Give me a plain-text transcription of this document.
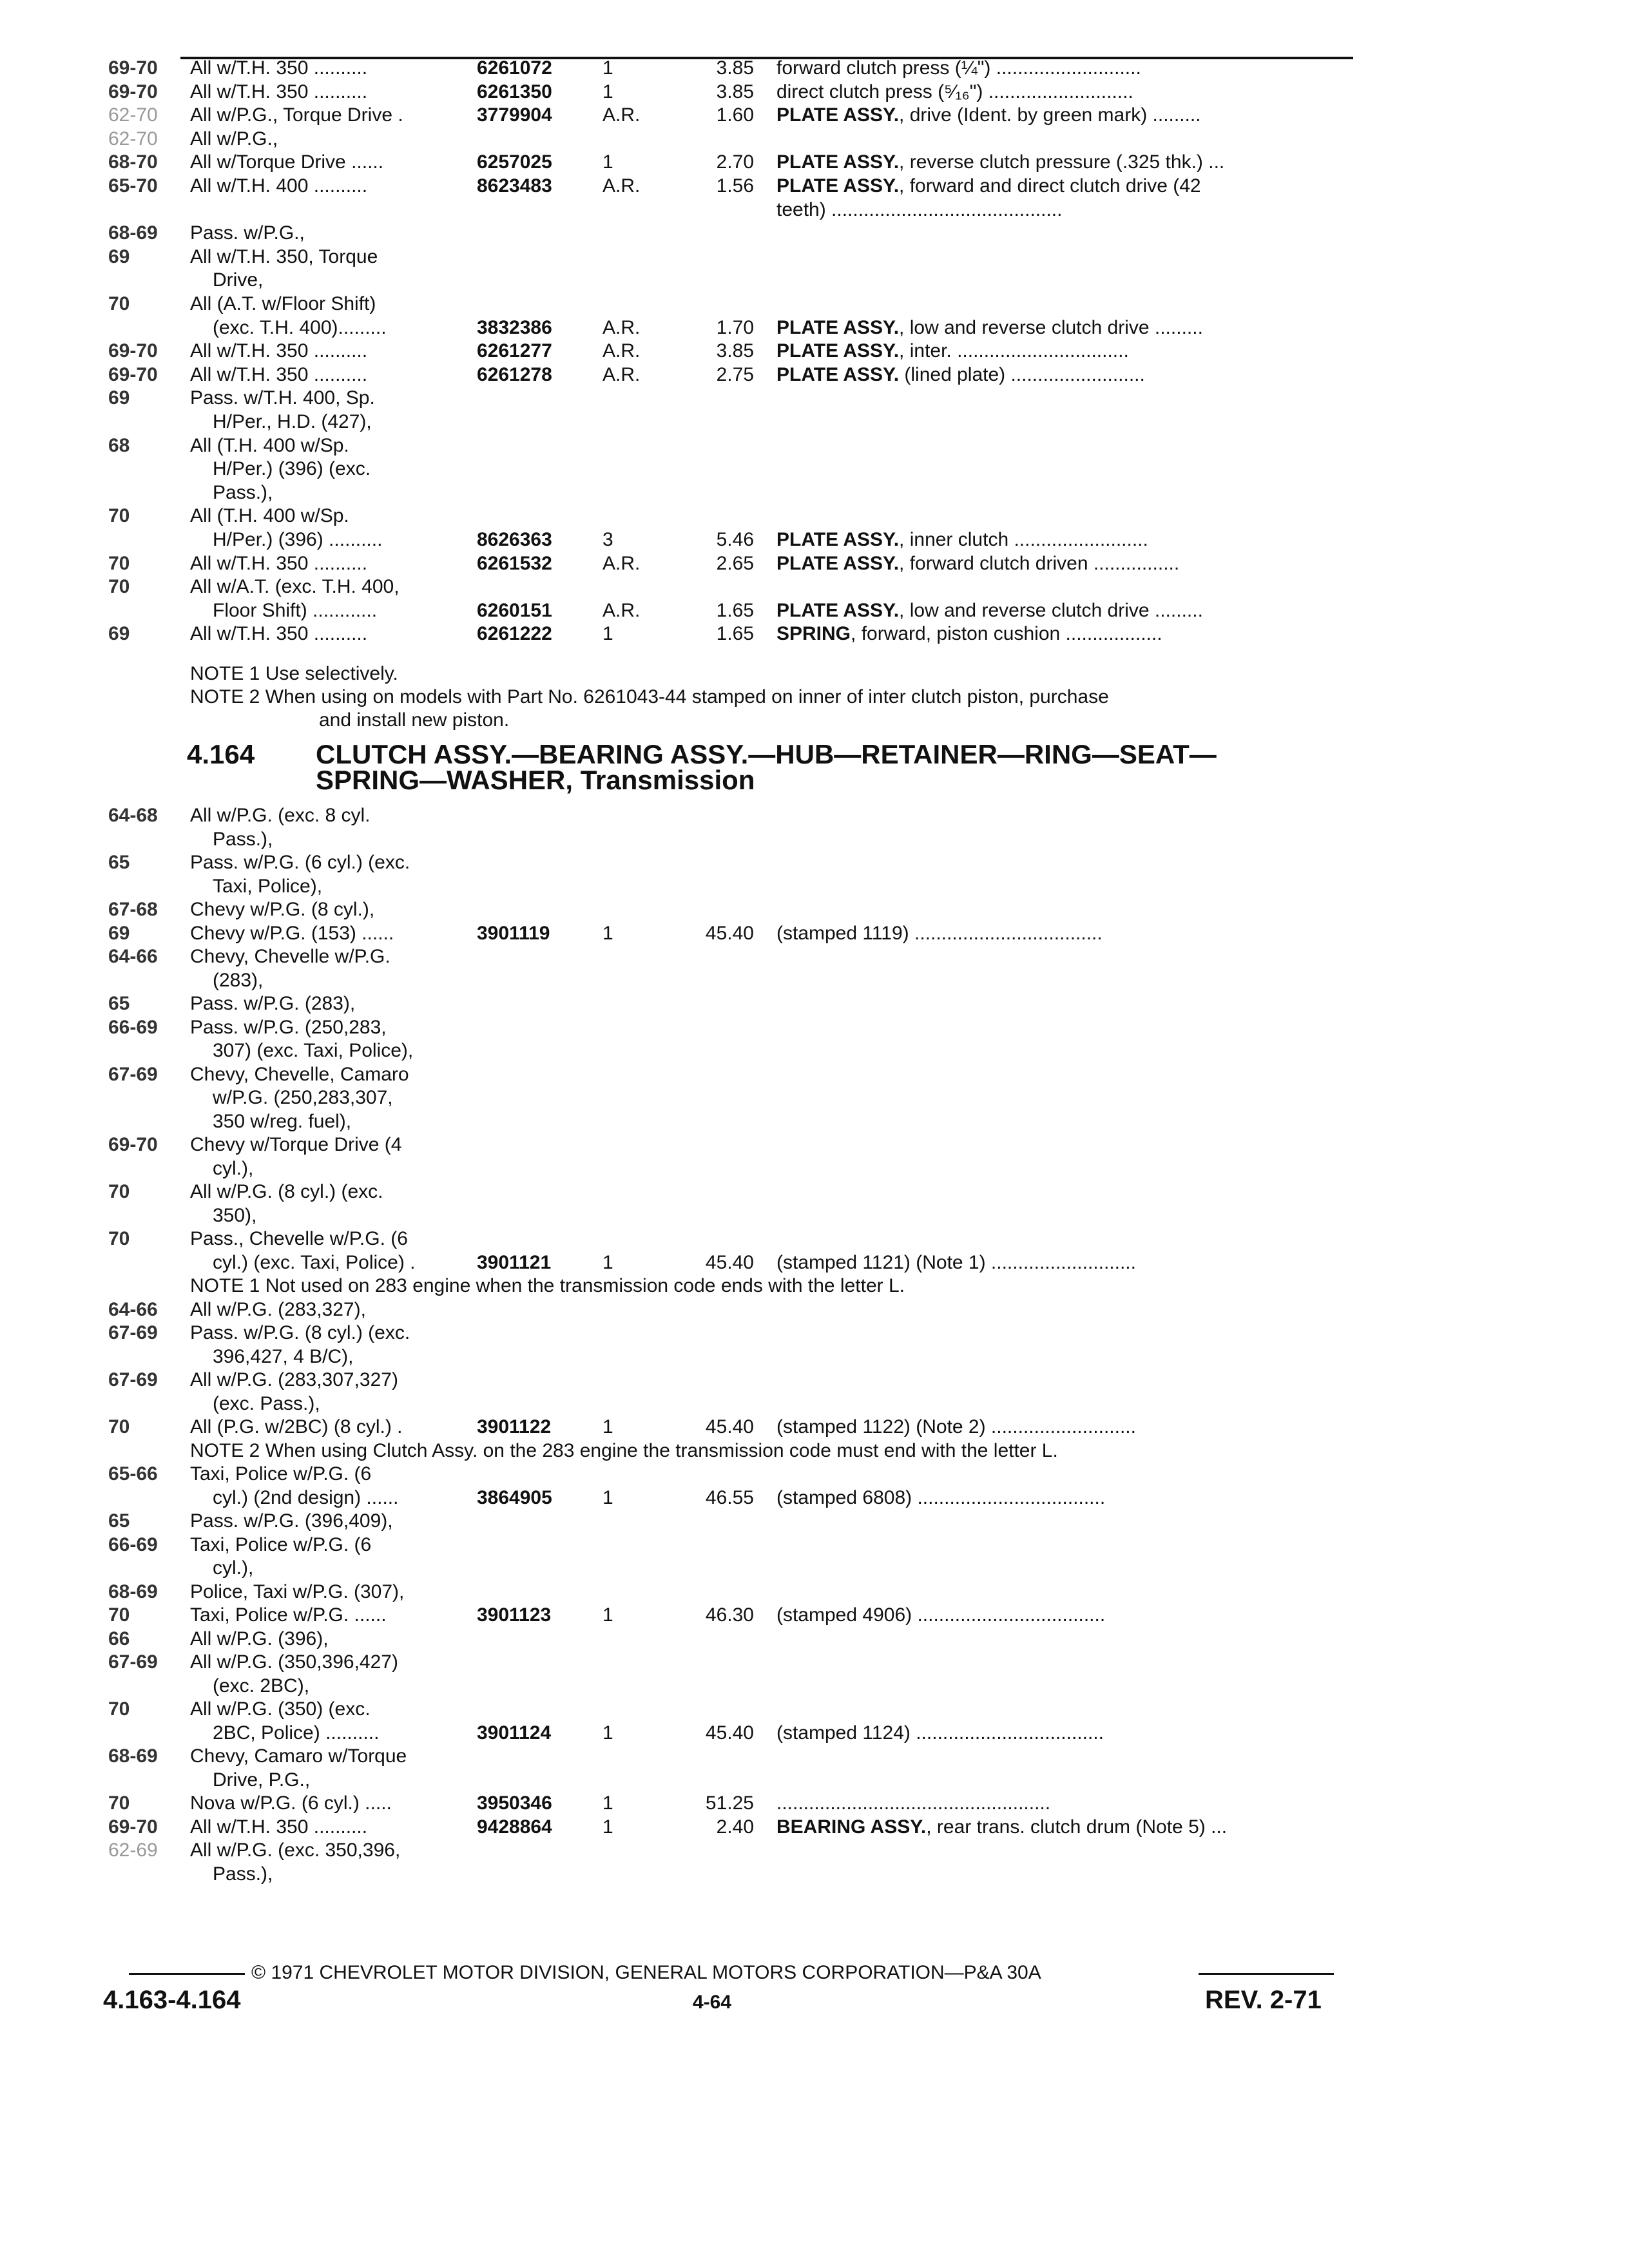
69-70	All w/T.H. 350 ..........	6261072	1	3.85 forward clutch press (¼") ...........................
69-70	All w/T.H. 350 ..........	6261350	1	3.85 direct clutch press (⁵⁄₁₆") ...........................
62-70	All w/P.G., Torque Drive .	3779904	A.R.	1.60 PLATE ASSY., drive (Ident. by green mark) .........
62-70	All w/P.G.,
68-70	All w/Torque Drive ......	6257025	1	2.70 PLATE ASSY., reverse clutch pressure (.325 thk.) ...
65-70	All w/T.H. 400 ..........	8623483	A.R.	1.56 PLATE ASSY., forward and direct clutch drive (42
teeth) ...........................................
68-69	Pass. w/P.G.,
69	All w/T.H. 350, Torque
Drive,
70	All (A.T. w/Floor Shift)
(exc. T.H. 400).........	3832386	A.R.	1.70 PLATE ASSY., low and reverse clutch drive .........
69-70	All w/T.H. 350 ..........	6261277	A.R.	3.85 PLATE ASSY., inter. ................................
69-70	All w/T.H. 350 ..........	6261278	A.R.	2.75 PLATE ASSY. (lined plate) .........................
69	Pass. w/T.H. 400, Sp.
H/Per., H.D. (427),
68	All (T.H. 400 w/Sp.
H/Per.) (396) (exc.
Pass.),
70	All (T.H. 400 w/Sp.
H/Per.) (396) ..........	8626363	3	5.46 PLATE ASSY., inner clutch .........................
70	All w/T.H. 350 ..........	6261532	A.R.	2.65 PLATE ASSY., forward clutch driven ................
70	All w/A.T. (exc. T.H. 400,
Floor Shift) ............	6260151	A.R.	1.65 PLATE ASSY., low and reverse clutch drive .........
69	All w/T.H. 350 ..........	6261222	1	1.65 SPRING, forward, piston cushion ..................
NOTE 1 Use selectively.
NOTE 2 When using on models with Part No. 6261043-44 stamped on inner of inter clutch piston, purchase
and install new piston.
4.164 CLUTCH ASSY.—BEARING ASSY.—HUB—RETAINER—RING—SEAT—
SPRING—WASHER, Transmission
64-68	All w/P.G. (exc. 8 cyl.
Pass.),
65	Pass. w/P.G. (6 cyl.) (exc.
Taxi, Police),
67-68	Chevy w/P.G. (8 cyl.),
69	Chevy w/P.G. (153) ......	3901119	1	45.40 (stamped 1119) ...................................
64-66	Chevy, Chevelle w/P.G.
(283),
65	Pass. w/P.G. (283),
66-69	Pass. w/P.G. (250,283,
307) (exc. Taxi, Police),
67-69	Chevy, Chevelle, Camaro
w/P.G. (250,283,307,
350 w/reg. fuel),
69-70	Chevy w/Torque Drive (4
cyl.),
70	All w/P.G. (8 cyl.) (exc.
350),
70	Pass., Chevelle w/P.G. (6
cyl.) (exc. Taxi, Police) .	3901121	1	45.40 (stamped 1121) (Note 1) ...........................
NOTE 1 Not used on 283 engine when the transmission code ends with the letter L.
64-66	All w/P.G. (283,327),
67-69	Pass. w/P.G. (8 cyl.) (exc.
396,427, 4 B/C),
67-69	All w/P.G. (283,307,327)
(exc. Pass.),
70	All (P.G. w/2BC) (8 cyl.) .	3901122	1	45.40 (stamped 1122) (Note 2) ...........................
NOTE 2 When using Clutch Assy. on the 283 engine the transmission code must end with the letter L.
65-66	Taxi, Police w/P.G. (6
cyl.) (2nd design) ......	3864905	1	46.55 (stamped 6808) ...................................
65	Pass. w/P.G. (396,409),
66-69	Taxi, Police w/P.G. (6
cyl.),
68-69	Police, Taxi w/P.G. (307),
70	Taxi, Police w/P.G. ......	3901123	1	46.30 (stamped 4906) ...................................
66	All w/P.G. (396),
67-69	All w/P.G. (350,396,427)
(exc. 2BC),
70	All w/P.G. (350) (exc.
2BC, Police) ..........	3901124	1	45.40 (stamped 1124) ...................................
68-69	Chevy, Camaro w/Torque
Drive, P.G.,
70	Nova w/P.G. (6 cyl.) .....	3950346	1	51.25 ...................................................
69-70	All w/T.H. 350 ..........	9428864	1	2.40 BEARING ASSY., rear trans. clutch drum (Note 5) ...
62-69	All w/P.G. (exc. 350,396,
Pass.),
© 1971 CHEVROLET MOTOR DIVISION, GENERAL MOTORS CORPORATION—P&A 30A
4.163-4.164	4-64	REV. 2-71
